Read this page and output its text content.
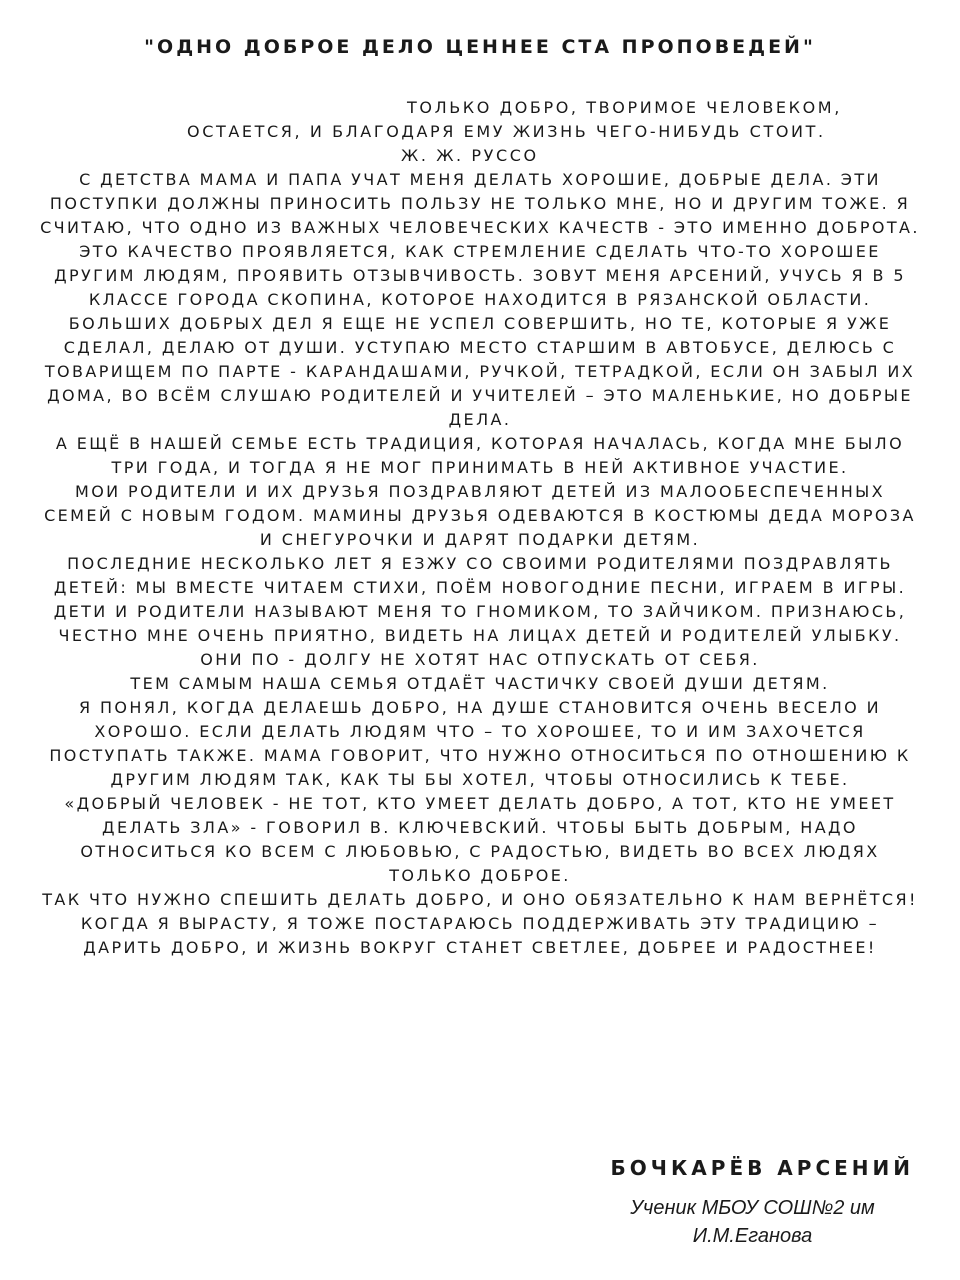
"ОДНО ДОБРОЕ ДЕЛО ЦЕННЕЕ СТА ПРОПОВЕДЕЙ"
ТОЛЬКО ДОБРО, ТВОРИМОЕ ЧЕЛОВЕКОМ,
ОСТАЕТСЯ, И БЛАГОДАРЯ ЕМУ ЖИЗНЬ ЧЕГО-НИБУДЬ СТОИТ.
Ж. Ж. РУССО

С ДЕТСТВА МАМА И ПАПА УЧАТ МЕНЯ ДЕЛАТЬ ХОРОШИЕ, ДОБРЫЕ ДЕЛА. ЭТИ ПОСТУПКИ ДОЛЖНЫ ПРИНОСИТЬ ПОЛЬЗУ НЕ ТОЛЬКО МНЕ, НО И ДРУГИМ ТОЖЕ. Я СЧИТАЮ, ЧТО ОДНО ИЗ ВАЖНЫХ ЧЕЛОВЕЧЕСКИХ КАЧЕСТВ - ЭТО ИМЕННО ДОБРОТА. ЭТО КАЧЕСТВО ПРОЯВЛЯЕТСЯ, КАК СТРЕМЛЕНИЕ СДЕЛАТЬ ЧТО-ТО ХОРОШЕЕ ДРУГИМ ЛЮДЯМ, ПРОЯВИТЬ ОТЗЫВЧИВОСТЬ. ЗОВУТ МЕНЯ АРСЕНИЙ, УЧУСЬ Я В 5 КЛАССЕ ГОРОДА СКОПИНА, КОТОРОЕ НАХОДИТСЯ В РЯЗАНСКОЙ ОБЛАСТИ. БОЛЬШИХ ДОБРЫХ ДЕЛ Я ЕЩЕ НЕ УСПЕЛ СОВЕРШИТЬ, НО ТЕ, КОТОРЫЕ Я УЖЕ СДЕЛАЛ, ДЕЛАЮ ОТ ДУШИ. УСТУПАЮ МЕСТО СТАРШИМ В АВТОБУСЕ, ДЕЛЮСЬ С ТОВАРИЩЕМ ПО ПАРТЕ - КАРАНДАШАМИ, РУЧКОЙ, ТЕТРАДКОЙ, ЕСЛИ ОН ЗАБЫЛ ИХ ДОМА, ВО ВСЁМ СЛУШАЮ РОДИТЕЛЕЙ И УЧИТЕЛЕЙ – ЭТО МАЛЕНЬКИЕ, НО ДОБРЫЕ ДЕЛА.

А ЕЩЁ В НАШЕЙ СЕМЬЕ ЕСТЬ ТРАДИЦИЯ, КОТОРАЯ НАЧАЛАСЬ, КОГДА МНЕ БЫЛО ТРИ ГОДА, И ТОГДА Я НЕ МОГ ПРИНИМАТЬ В НЕЙ АКТИВНОЕ УЧАСТИЕ.

МОИ РОДИТЕЛИ И ИХ ДРУЗЬЯ ПОЗДРАВЛЯЮТ ДЕТЕЙ ИЗ МАЛООБЕСПЕЧЕННЫХ СЕМЕЙ С НОВЫМ ГОДОМ. МАМИНЫ ДРУЗЬЯ ОДЕВАЮТСЯ В КОСТЮМЫ ДЕДА МОРОЗА И СНЕГУРОЧКИ И ДАРЯТ ПОДАРКИ ДЕТЯМ.

ПОСЛЕДНИЕ НЕСКОЛЬКО ЛЕТ Я ЕЗЖУ СО СВОИМИ РОДИТЕЛЯМИ ПОЗДРАВЛЯТЬ ДЕТЕЙ: МЫ ВМЕСТЕ ЧИТАЕМ СТИХИ, ПОЁМ НОВОГОДНИЕ ПЕСНИ, ИГРАЕМ В ИГРЫ. ДЕТИ И РОДИТЕЛИ НАЗЫВАЮТ МЕНЯ ТО ГНОМИКОМ, ТО ЗАЙЧИКОМ. ПРИЗНАЮСЬ, ЧЕСТНО МНЕ ОЧЕНЬ ПРИЯТНО, ВИДЕТЬ НА ЛИЦАХ ДЕТЕЙ И РОДИТЕЛЕЙ УЛЫБКУ. ОНИ ПО - ДОЛГУ НЕ ХОТЯТ НАС ОТПУСКАТЬ ОТ СЕБЯ.

ТЕМ САМЫМ НАША СЕМЬЯ ОТДАЁТ ЧАСТИЧКУ СВОЕЙ ДУШИ ДЕТЯМ.

Я ПОНЯЛ, КОГДА ДЕЛАЕШЬ ДОБРО, НА ДУШЕ СТАНОВИТСЯ ОЧЕНЬ ВЕСЕЛО И ХОРОШО. ЕСЛИ ДЕЛАТЬ ЛЮДЯМ ЧТО – ТО ХОРОШЕЕ, ТО И ИМ ЗАХОЧЕТСЯ ПОСТУПАТЬ ТАКЖЕ. МАМА ГОВОРИТ, ЧТО НУЖНО ОТНОСИТЬСЯ ПО ОТНОШЕНИЮ К ДРУГИМ ЛЮДЯМ ТАК, КАК ТЫ БЫ ХОТЕЛ, ЧТОБЫ ОТНОСИЛИСЬ К ТЕБЕ.

«ДОБРЫЙ ЧЕЛОВЕК - НЕ ТОТ, КТО УМЕЕТ ДЕЛАТЬ ДОБРО, А ТОТ, КТО НЕ УМЕЕТ ДЕЛАТЬ ЗЛА» - ГОВОРИЛ В. КЛЮЧЕВСКИЙ. ЧТОБЫ БЫТЬ ДОБРЫМ, НАДО ОТНОСИТЬСЯ КО ВСЕМ С ЛЮБОВЬЮ, С РАДОСТЬЮ, ВИДЕТЬ ВО ВСЕХ ЛЮДЯХ ТОЛЬКО ДОБРОЕ.

ТАК ЧТО НУЖНО СПЕШИТЬ ДЕЛАТЬ ДОБРО, И ОНО ОБЯЗАТЕЛЬНО К НАМ ВЕРНЁТСЯ!

КОГДА Я ВЫРАСТУ, Я ТОЖЕ ПОСТАРАЮСЬ ПОДДЕРЖИВАТЬ ЭТУ ТРАДИЦИЮ – ДАРИТЬ ДОБРО, И ЖИЗНЬ ВОКРУГ СТАНЕТ СВЕТЛЕЕ, ДОБРЕЕ И РАДОСТНЕЕ!

БОЧКАРЁВ АРСЕНИЙ
Ученик МБОУ СОШ№2 им И.М.Еганова
